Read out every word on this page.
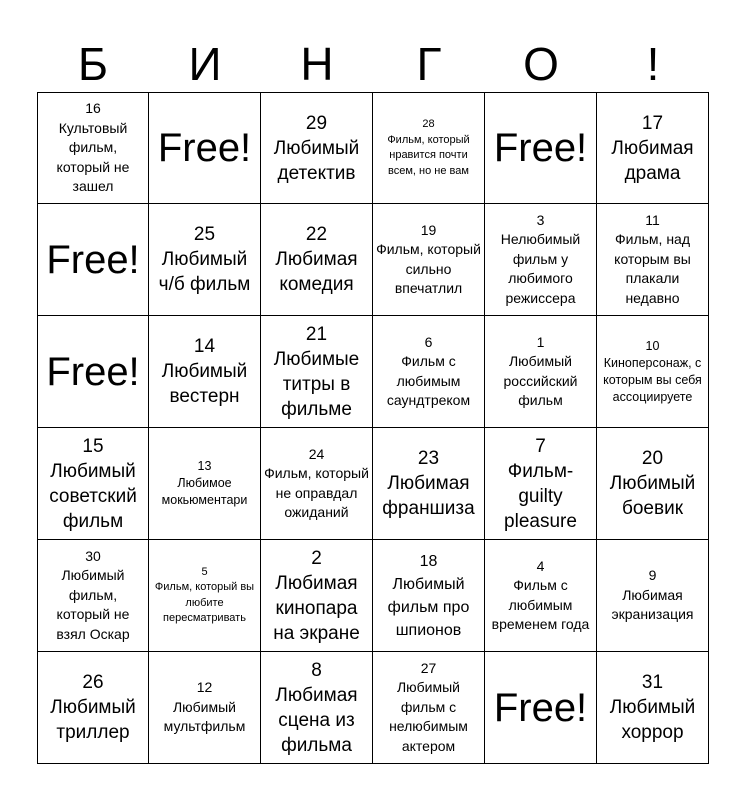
Б	И	Н	Г	О	!
16
Культовый фильм, который не зашел
Free!
29
Любимый детектив
28
Фильм, который нравится почти всем, но не вам
Free!
17
Любимая драма
Free!
25
Любимый ч/б фильм
22
Любимая комедия
19
Фильм, который сильно впечатлил
3
Нелюбимый фильм у любимого режиссера
11
Фильм, над которым вы плакали недавно
Free!
14
Любимый вестерн
21
Любимые титры в фильме
6
Фильм с любимым саундтреком
1
Любимый российский фильм
10
Киноперсонаж, с которым вы себя ассоциируете
15
Любимый советский фильм
13
Любимое мокьюментари
24
Фильм, который не оправдал ожиданий
23
Любимая франшиза
7
Фильм-guilty pleasure
20
Любимый боевик
30
Любимый фильм, который не взял Оскар
5
Фильм, который вы любите пересматривать
2
Любимая кинопара на экране
18
Любимый фильм про шпионов
4
Фильм с любимым временем года
9
Любимая экранизация
26
Любимый триллер
12
Любимый мультфильм
8
Любимая сцена из фильма
27
Любимый фильм с нелюбимым актером
Free!
31
Любимый хоррор
